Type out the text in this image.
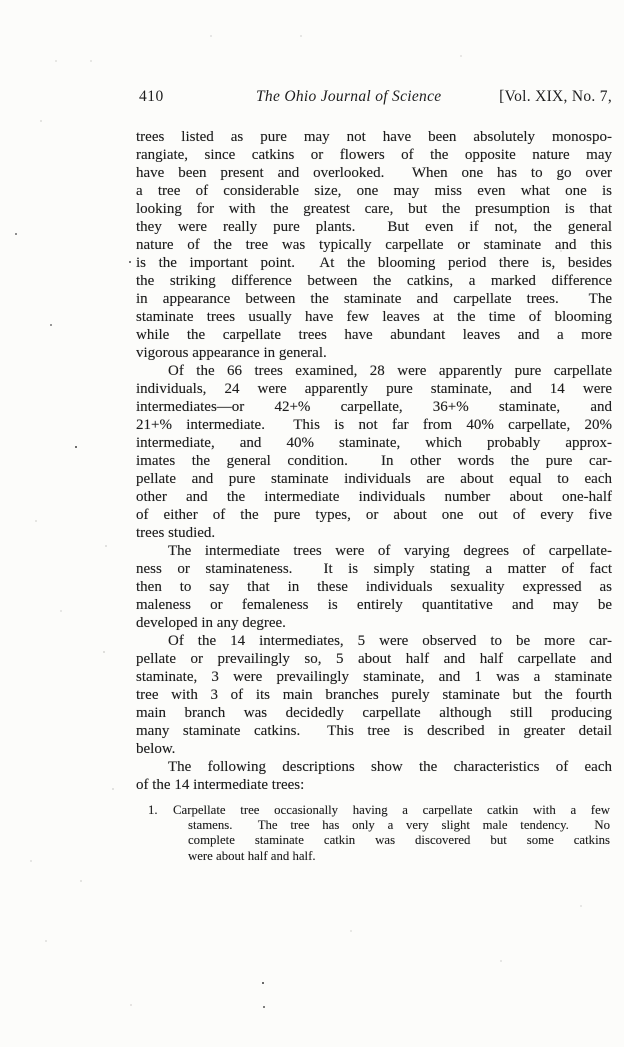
410	The Ohio Journal of Science	[Vol. XIX, No. 7,
trees listed as pure may not have been absolutely monospo-
rangiate, since catkins or flowers of the opposite nature may
have been present and overlooked.  When one has to go over
a tree of considerable size, one may miss even what one is
looking for with the greatest care, but the presumption is that
they were really pure plants.  But even if not, the general
nature of the tree was typically carpellate or staminate and this
is the important point.  At the blooming period there is, besides
the striking difference between the catkins, a marked difference
in appearance between the staminate and carpellate trees.  The
staminate trees usually have few leaves at the time of blooming
while the carpellate trees have abundant leaves and a more
vigorous appearance in general.
Of the 66 trees examined, 28 were apparently pure carpellate
individuals, 24 were apparently pure staminate, and 14 were
intermediates—or 42+% carpellate, 36+% staminate, and
21+% intermediate.  This is not far from 40% carpellate, 20%
intermediate, and 40% staminate, which probably approx-
imates the general condition.  In other words the pure car-
pellate and pure staminate individuals are about equal to each
other and the intermediate individuals number about one-half
of either of the pure types, or about one out of every five
trees studied.
The intermediate trees were of varying degrees of carpellate-
ness or staminateness.  It is simply stating a matter of fact
then to say that in these individuals sexuality expressed as
maleness or femaleness is entirely quantitative and may be
developed in any degree.
Of the 14 intermediates, 5 were observed to be more car-
pellate or prevailingly so, 5 about half and half carpellate and
staminate, 3 were prevailingly staminate, and 1 was a staminate
tree with 3 of its main branches purely staminate but the fourth
main branch was decidedly carpellate although still producing
many staminate catkins.  This tree is described in greater detail
below.
The following descriptions show the characteristics of each
of the 14 intermediate trees:
1.	Carpellate tree occasionally having a carpellate catkin with a few
stamens.  The tree has only a very slight male tendency.  No
complete staminate catkin was discovered but some catkins
were about half and half.
